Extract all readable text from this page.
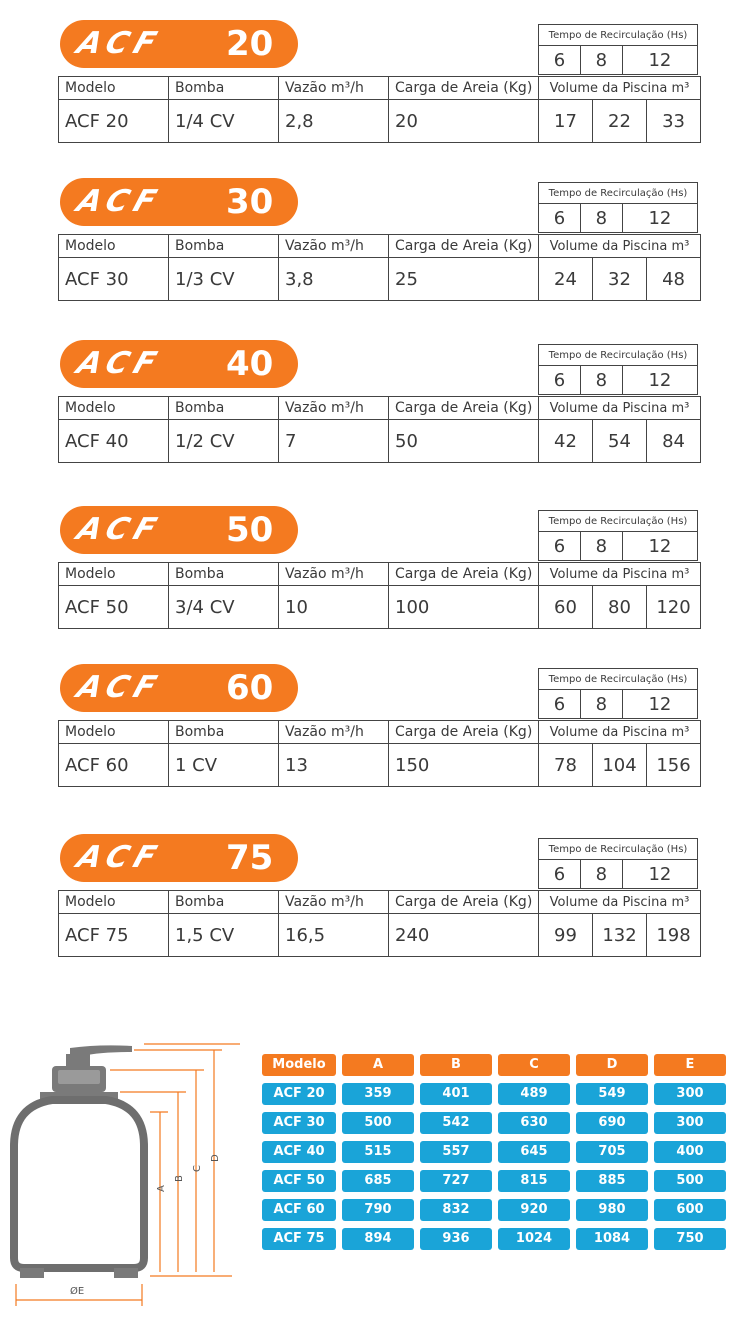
ACF 20	Tempo de Recirculação (Hs)
6	8	12
Modelo	Bomba	Vazão m³/h	Carga de Areia (Kg)	Volume da Piscina m³		
ACF 20	1/4 CV	2,8	20	17	22	33
ACF 30	Tempo de Recirculação (Hs)
6	8	12
Modelo	Bomba	Vazão m³/h	Carga de Areia (Kg)	Volume da Piscina m³		
ACF 30	1/3 CV	3,8	25	24	32	48
ACF 40	Tempo de Recirculação (Hs)
6	8	12
Modelo	Bomba	Vazão m³/h	Carga de Areia (Kg)	Volume da Piscina m³		
ACF 40	1/2 CV	7	50	42	54	84
ACF 50	Tempo de Recirculação (Hs)
6	8	12
Modelo	Bomba	Vazão m³/h	Carga de Areia (Kg)	Volume da Piscina m³		
ACF 50	3/4 CV	10	100	60	80	120
ACF 60	Tempo de Recirculação (Hs)
6	8	12
Modelo	Bomba	Vazão m³/h	Carga de Areia (Kg)	Volume da Piscina m³		
ACF 60	1 CV	13	150	78	104	156
ACF 75	Tempo de Recirculação (Hs)
6	8	12
Modelo	Bomba	Vazão m³/h	Carga de Areia (Kg)	Volume da Piscina m³		
ACF 75	1,5 CV	16,5	240	99	132	198
A
B
C
D
ØE
Modelo	A	B	C	D	E
ACF 20	359	401	489	549	300
ACF 30	500	542	630	690	300
ACF 40	515	557	645	705	400
ACF 50	685	727	815	885	500
ACF 60	790	832	920	980	600
ACF 75	894	936	1024	1084	750
